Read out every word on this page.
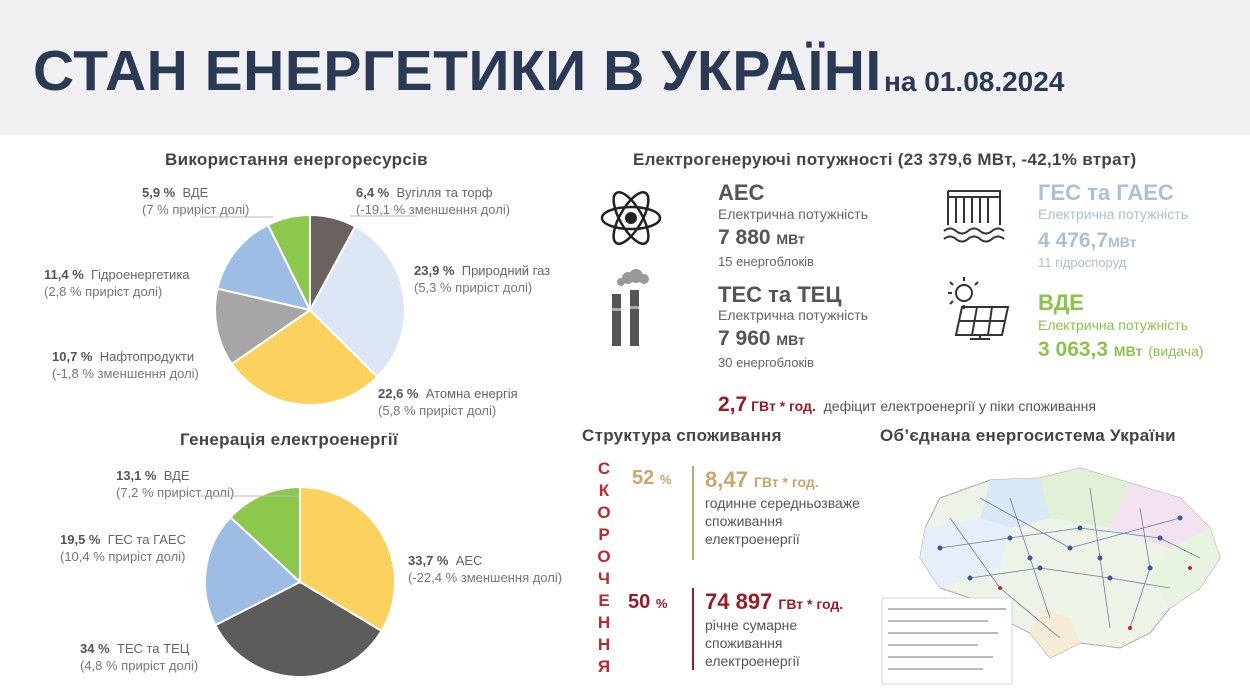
СТАН ЕНЕРГЕТИКИ В УКРАЇНІ на 01.08.2024
Використання енергоресурсів
5,9 % ВДЕ
(7 % приріст долі)
6,4 % Вугілля та торф
(-19,1 % зменшення долі)
23,9 % Природний газ
(5,3 % приріст долі)
11,4 % Гідроенергетика
(2,8 % приріст долі)
10,7 % Нафтопродукти
(-1,8 % зменшення долі)
22,6 % Атомна енергія
(5,8 % приріст долі)
Генерація електроенергії
13,1 % ВДЕ
(7,2 % приріст долі)
19,5 % ГЕС та ГАЕС
(10,4 % приріст долі)	33,7 % АЕС
(-22,4 % зменшення долі)
34 % ТЕС та ТЕЦ
(4,8 % приріст долі)
Електрогенеруючі потужності (23 379,6 МВт, -42,1% втрат)
АЕС
Електрична потужність
7 880 МВт
15 енергоблоків
ТЕС та ТЕЦ
Електрична потужність
7 960 МВт
30 енергоблоків
ГЕС та ГАЕС
Електрична потужність
4 476,7МВт
11 гідроспоруд
ВДЕ
Електрична потужність
3 063,3 МВт (видача)
2,7 ГВт * год. дефіцит електроенергії у піки споживання
Структура споживання
С
К
О
Р
О
Ч
Е
Н
Н
Я
52 % 8,47 ГВт * год.
годинне середньозваже
споживання
електроенергії
50 % 74 897 ГВт * год.
річне сумарне
споживання
електроенергії
Об’єднана енергосистема України
